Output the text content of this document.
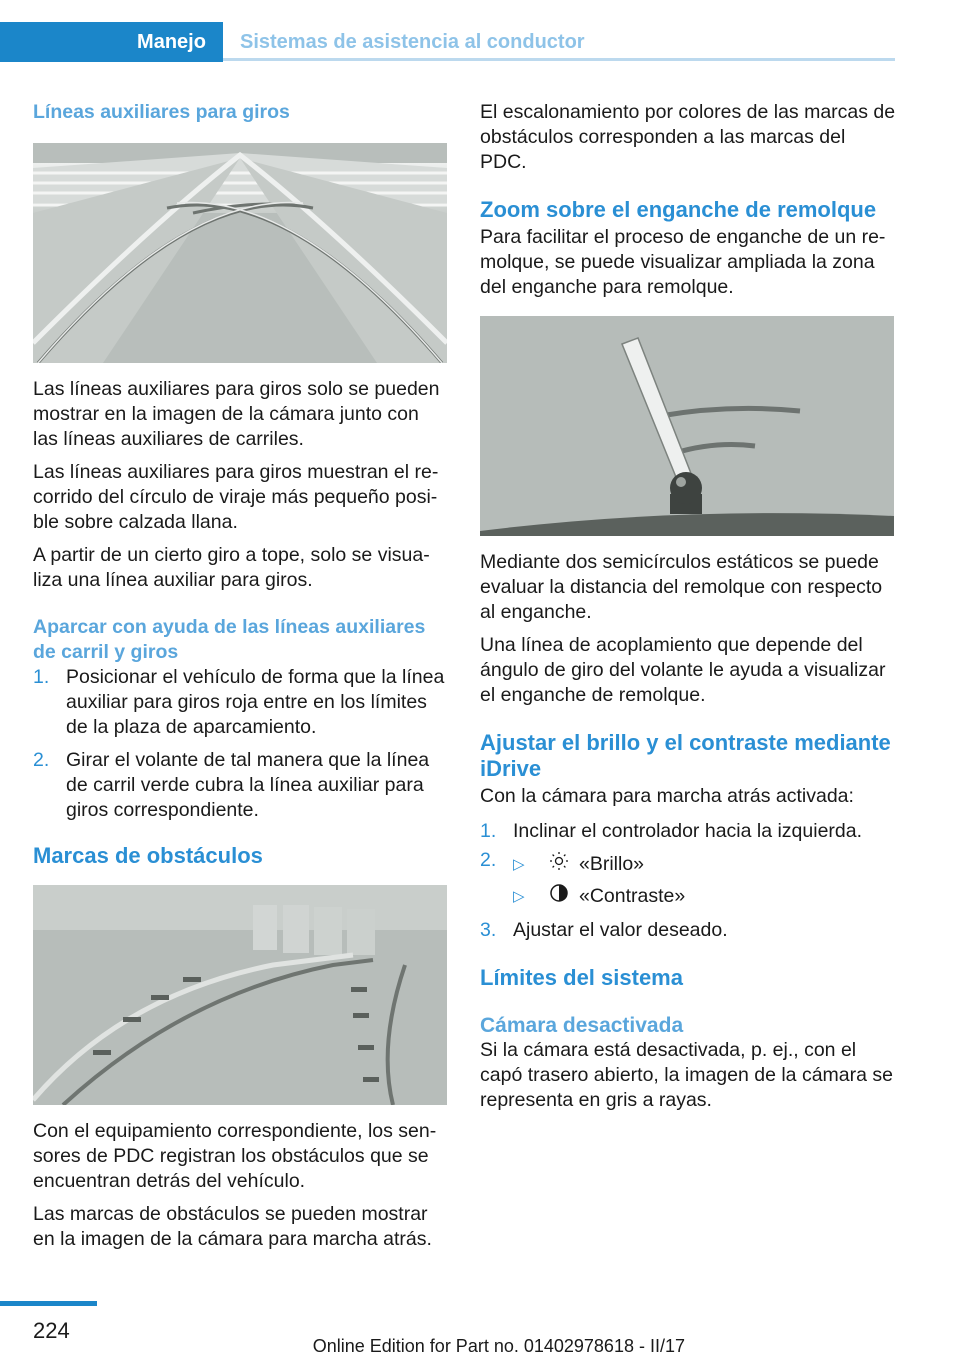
Manejo	Sistemas de asistencia al conductor
Líneas auxiliares para giros

Las líneas auxiliares para giros solo se pueden mostrar en la imagen de la cámara junto con las líneas auxiliares de carriles.

Las líneas auxiliares para giros muestran el re‐corrido del círculo de viraje más pequeño posi‐ble sobre calzada llana.

A partir de un cierto giro a tope, solo se visua‐liza una línea auxiliar para giros.

Aparcar con ayuda de las líneas auxiliares de carril y giros
1. Posicionar el vehículo de forma que la línea auxiliar para giros roja entre en los límites de la plaza de aparcamiento.
2. Girar el volante de tal manera que la línea de carril verde cubra la línea auxiliar para giros correspondiente.
Marcas de obstáculos

Con el equipamiento correspondiente, los sen‐sores de PDC registran los obstáculos que se encuentran detrás del vehículo.

Las marcas de obstáculos se pueden mostrar en la imagen de la cámara para marcha atrás.

El escalonamiento por colores de las marcas de obstáculos corresponden a las marcas del PDC.

Zoom sobre el enganche de remolque

Para facilitar el proceso de enganche de un re‐molque, se puede visualizar ampliada la zona del enganche para remolque.

Mediante dos semicírculos estáticos se puede evaluar la distancia del remolque con respecto al enganche.

Una línea de acoplamiento que depende del ángulo de giro del volante le ayuda a visualizar el enganche de remolque.

Ajustar el brillo y el contraste mediante iDrive

Con la cámara para marcha atrás activada:

1. Inclinar el controlador hacia la izquierda.
2. ▷	«Brillo»
▷	«Contraste»
3. Ajustar el valor deseado.
Límites del sistema
Cámara desactivada

Si la cámara está desactivada, p. ej., con el capó trasero abierto, la imagen de la cámara se representa en gris a rayas.

224
Online Edition for Part no. 01402978618 - II/17
